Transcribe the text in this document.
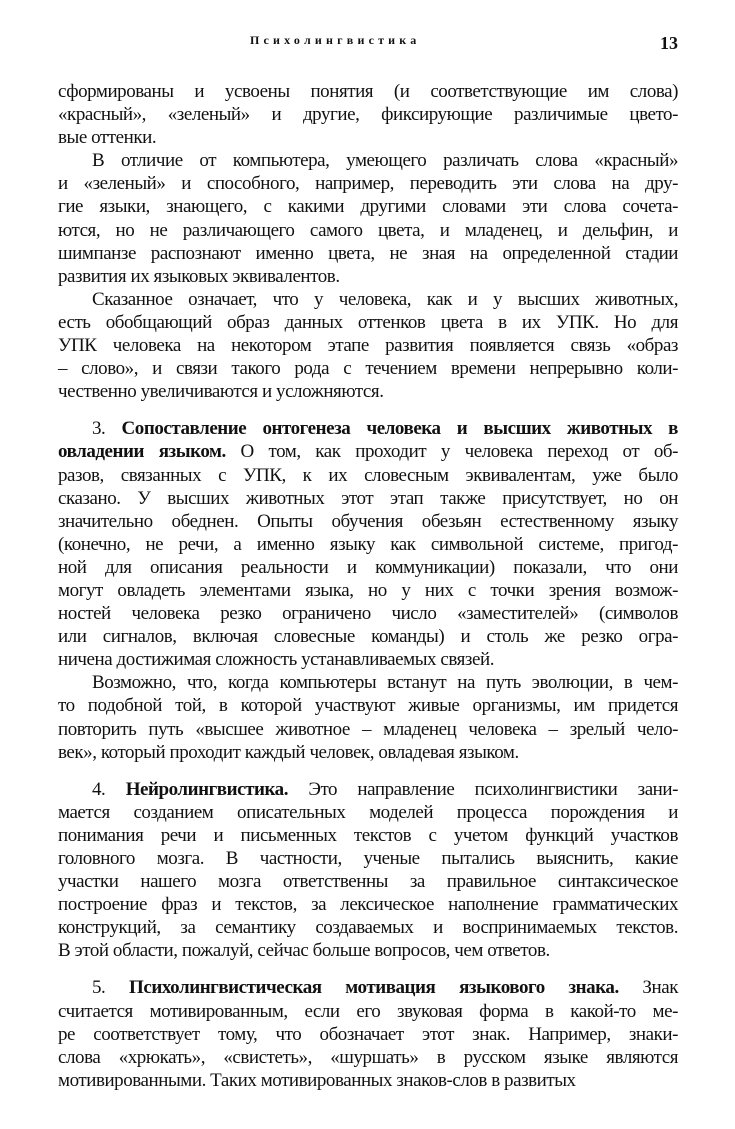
Психолингвистика	13
сформированы и усвоены понятия (и соответствующие им слова)
«красный», «зеленый» и другие, фиксирующие различимые цвето-
вые оттенки.
В отличие от компьютера, умеющего различать слова «красный»
и «зеленый» и способного, например, переводить эти слова на дру-
гие языки, знающего, с какими другими словами эти слова сочета-
ются, но не различающего самого цвета, и младенец, и дельфин, и
шимпанзе распознают именно цвета, не зная на определенной стадии
развития их языковых эквивалентов.
Сказанное означает, что у человека, как и у высших животных,
есть обобщающий образ данных оттенков цвета в их УПК. Но для
УПК человека на некотором этапе развития появляется связь «образ
– слово», и связи такого рода с течением времени непрерывно коли-
чественно увеличиваются и усложняются.
3. Сопоставление онтогенеза человека и высших животных в
овладении языком. О том, как проходит у человека переход от об-
разов, связанных с УПК, к их словесным эквивалентам, уже было
сказано. У высших животных этот этап также присутствует, но он
значительно обеднен. Опыты обучения обезьян естественному языку
(конечно, не речи, а именно языку как символьной системе, пригод-
ной для описания реальности и коммуникации) показали, что они
могут овладеть элементами языка, но у них с точки зрения возмож-
ностей человека резко ограничено число «заместителей» (символов
или сигналов, включая словесные команды) и столь же резко огра-
ничена достижимая сложность устанавливаемых связей.
Возможно, что, когда компьютеры встанут на путь эволюции, в чем-
то подобной той, в которой участвуют живые организмы, им придется
повторить путь «высшее животное – младенец человека – зрелый чело-
век», который проходит каждый человек, овладевая языком.
4. Нейролингвистика. Это направление психолингвистики зани-
мается созданием описательных моделей процесса порождения и
понимания речи и письменных текстов с учетом функций участков
головного мозга. В частности, ученые пытались выяснить, какие
участки нашего мозга ответственны за правильное синтаксическое
построение фраз и текстов, за лексическое наполнение грамматических
конструкций, за семантику создаваемых и воспринимаемых текстов.
В этой области, пожалуй, сейчас больше вопросов, чем ответов.
5. Психолингвистическая мотивация языкового знака. Знак
считается мотивированным, если его звуковая форма в какой-то ме-
ре соответствует тому, что обозначает этот знак. Например, знаки-
слова «хрюкать», «свистеть», «шуршать» в русском языке являются
мотивированными. Таких мотивированных знаков-слов в развитых
